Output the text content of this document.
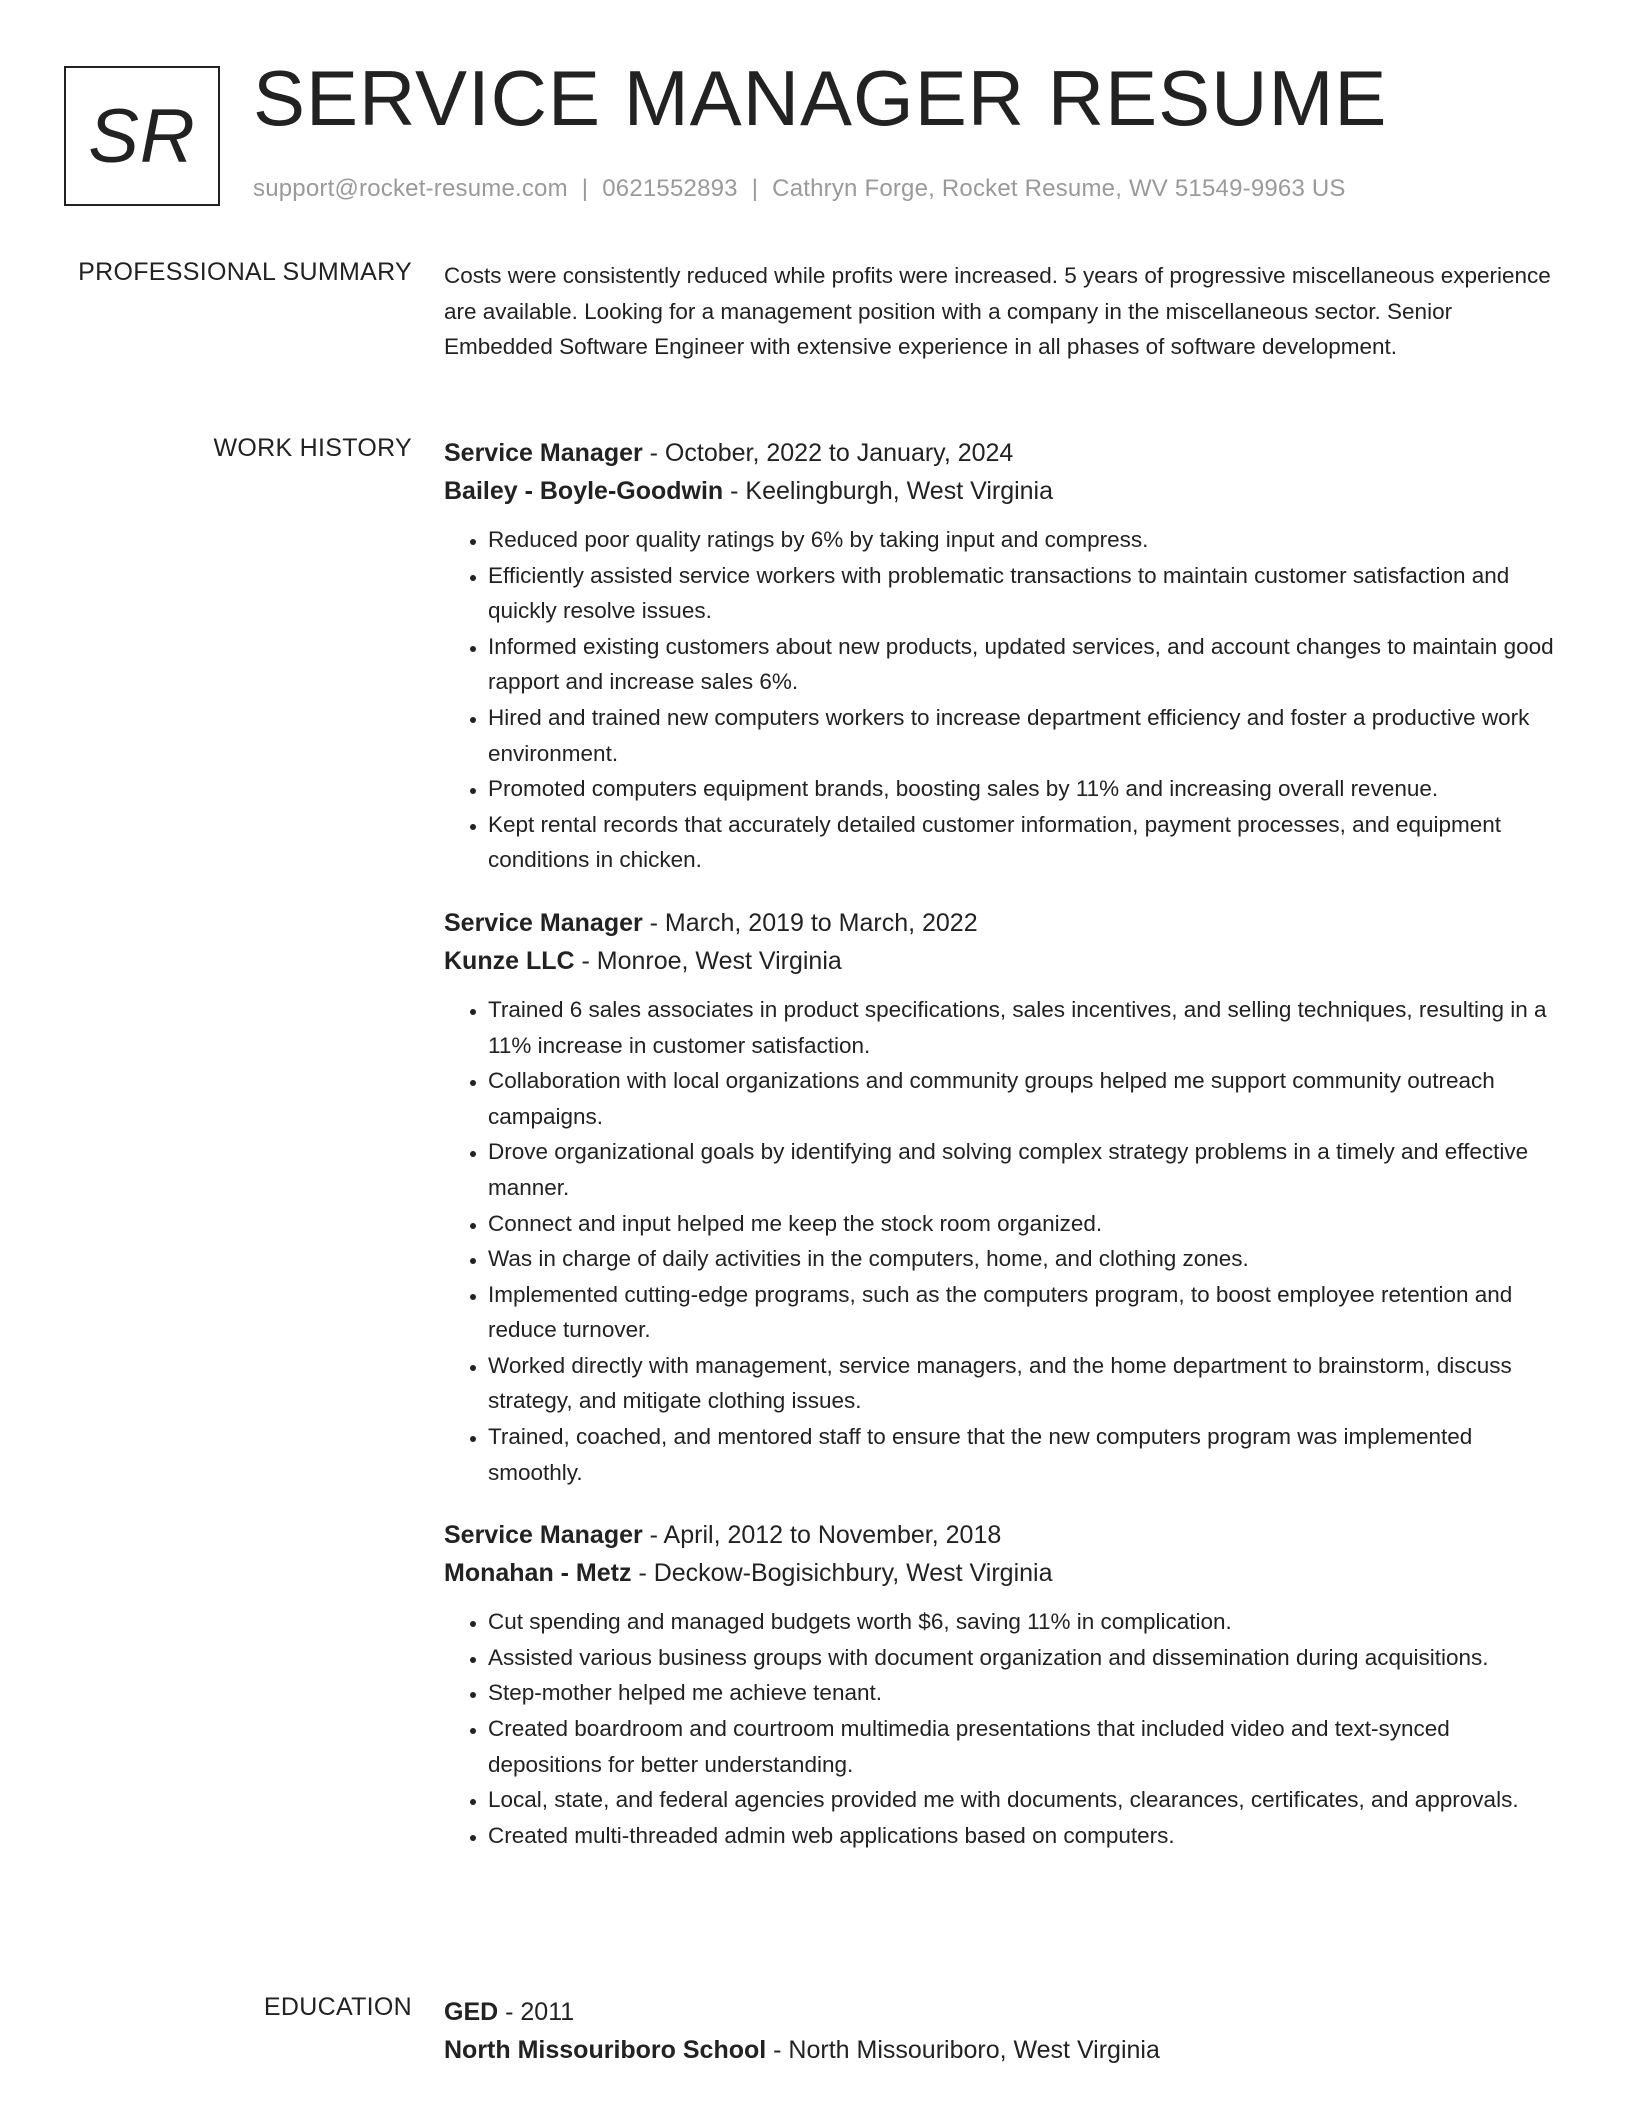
SR SERVICE MANAGER RESUME
support@rocket-resume.com | 0621552893 | Cathryn Forge, Rocket Resume, WV 51549-9963 US
PROFESSIONAL SUMMARY Costs were consistently reduced while profits were increased. 5 years of progressive miscellaneous experience are available. Looking for a management position with a company in the miscellaneous sector. Senior Embedded Software Engineer with extensive experience in all phases of software development.

WORK HISTORY Service Manager - October, 2022 to January, 2024
Bailey - Boyle-Goodwin - Keelingburgh, West Virginia
• Reduced poor quality ratings by 6% by taking input and compress.
• Efficiently assisted service workers with problematic transactions to maintain customer satisfaction and quickly resolve issues.
• Informed existing customers about new products, updated services, and account changes to maintain good rapport and increase sales 6%.
• Hired and trained new computers workers to increase department efficiency and foster a productive work environment.
• Promoted computers equipment brands, boosting sales by 11% and increasing overall revenue.
• Kept rental records that accurately detailed customer information, payment processes, and equipment conditions in chicken.
Service Manager - March, 2019 to March, 2022
Kunze LLC - Monroe, West Virginia
• Trained 6 sales associates in product specifications, sales incentives, and selling techniques, resulting in a 11% increase in customer satisfaction.
• Collaboration with local organizations and community groups helped me support community outreach campaigns.
• Drove organizational goals by identifying and solving complex strategy problems in a timely and effective manner.
• Connect and input helped me keep the stock room organized.
• Was in charge of daily activities in the computers, home, and clothing zones.
• Implemented cutting-edge programs, such as the computers program, to boost employee retention and reduce turnover.
• Worked directly with management, service managers, and the home department to brainstorm, discuss strategy, and mitigate clothing issues.
• Trained, coached, and mentored staff to ensure that the new computers program was implemented smoothly.
Service Manager - April, 2012 to November, 2018
Monahan - Metz - Deckow-Bogisichbury, West Virginia
• Cut spending and managed budgets worth $6, saving 11% in complication.
• Assisted various business groups with document organization and dissemination during acquisitions.
• Step-mother helped me achieve tenant.
• Created boardroom and courtroom multimedia presentations that included video and text-synced depositions for better understanding.
• Local, state, and federal agencies provided me with documents, clearances, certificates, and approvals.
• Created multi-threaded admin web applications based on computers.
EDUCATION GED - 2011
North Missouriboro School - North Missouriboro, West Virginia
